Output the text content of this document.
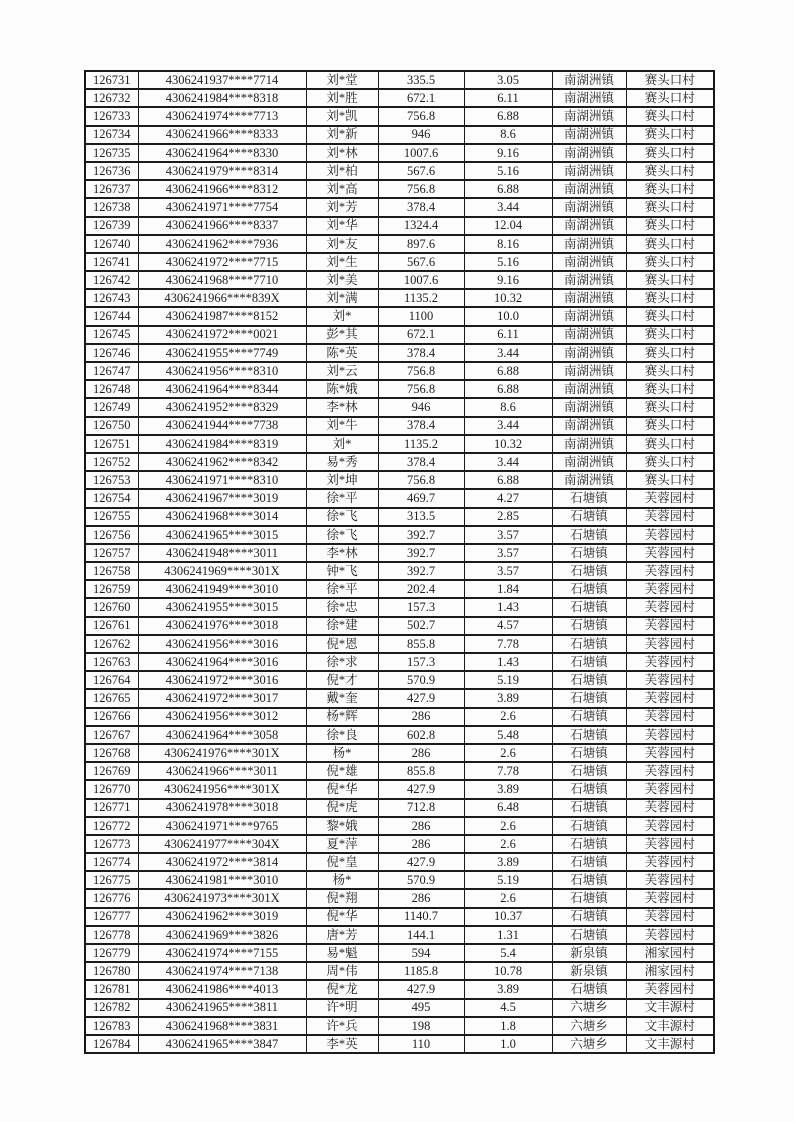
126731	4306241937****7714	刘*堂	335.5	3.05	南湖洲镇	赛头口村
126732	4306241984****8318	刘*胜	672.1	6.11	南湖洲镇	赛头口村
126733	4306241974****7713	刘*凯	756.8	6.88	南湖洲镇	赛头口村
126734	4306241966****8333	刘*新	946	8.6	南湖洲镇	赛头口村
126735	4306241964****8330	刘*林	1007.6	9.16	南湖洲镇	赛头口村
126736	4306241979****8314	刘*柏	567.6	5.16	南湖洲镇	赛头口村
126737	4306241966****8312	刘*高	756.8	6.88	南湖洲镇	赛头口村
126738	4306241971****7754	刘*芳	378.4	3.44	南湖洲镇	赛头口村
126739	4306241966****8337	刘*华	1324.4	12.04	南湖洲镇	赛头口村
126740	4306241962****7936	刘*友	897.6	8.16	南湖洲镇	赛头口村
126741	4306241972****7715	刘*生	567.6	5.16	南湖洲镇	赛头口村
126742	4306241968****7710	刘*美	1007.6	9.16	南湖洲镇	赛头口村
126743	4306241966****839X	刘*满	1135.2	10.32	南湖洲镇	赛头口村
126744	4306241987****8152	刘*	1100	10.0	南湖洲镇	赛头口村
126745	4306241972****0021	彭*其	672.1	6.11	南湖洲镇	赛头口村
126746	4306241955****7749	陈*英	378.4	3.44	南湖洲镇	赛头口村
126747	4306241956****8310	刘*云	756.8	6.88	南湖洲镇	赛头口村
126748	4306241964****8344	陈*娥	756.8	6.88	南湖洲镇	赛头口村
126749	4306241952****8329	李*林	946	8.6	南湖洲镇	赛头口村
126750	4306241944****7738	刘*牛	378.4	3.44	南湖洲镇	赛头口村
126751	4306241984****8319	刘*	1135.2	10.32	南湖洲镇	赛头口村
126752	4306241962****8342	易*秀	378.4	3.44	南湖洲镇	赛头口村
126753	4306241971****8310	刘*坤	756.8	6.88	南湖洲镇	赛头口村
126754	4306241967****3019	徐*平	469.7	4.27	石塘镇	芙蓉园村
126755	4306241968****3014	徐*飞	313.5	2.85	石塘镇	芙蓉园村
126756	4306241965****3015	徐*飞	392.7	3.57	石塘镇	芙蓉园村
126757	4306241948****3011	李*林	392.7	3.57	石塘镇	芙蓉园村
126758	4306241969****301X	钟*飞	392.7	3.57	石塘镇	芙蓉园村
126759	4306241949****3010	徐*平	202.4	1.84	石塘镇	芙蓉园村
126760	4306241955****3015	徐*忠	157.3	1.43	石塘镇	芙蓉园村
126761	4306241976****3018	徐*建	502.7	4.57	石塘镇	芙蓉园村
126762	4306241956****3016	倪*恩	855.8	7.78	石塘镇	芙蓉园村
126763	4306241964****3016	徐*求	157.3	1.43	石塘镇	芙蓉园村
126764	4306241972****3016	倪*才	570.9	5.19	石塘镇	芙蓉园村
126765	4306241972****3017	戴*奎	427.9	3.89	石塘镇	芙蓉园村
126766	4306241956****3012	杨*辉	286	2.6	石塘镇	芙蓉园村
126767	4306241964****3058	徐*良	602.8	5.48	石塘镇	芙蓉园村
126768	4306241976****301X	杨*	286	2.6	石塘镇	芙蓉园村
126769	4306241966****3011	倪*雄	855.8	7.78	石塘镇	芙蓉园村
126770	4306241956****301X	倪*华	427.9	3.89	石塘镇	芙蓉园村
126771	4306241978****3018	倪*虎	712.8	6.48	石塘镇	芙蓉园村
126772	4306241971****9765	黎*娥	286	2.6	石塘镇	芙蓉园村
126773	4306241977****304X	夏*萍	286	2.6	石塘镇	芙蓉园村
126774	4306241972****3814	倪*皇	427.9	3.89	石塘镇	芙蓉园村
126775	4306241981****3010	杨*	570.9	5.19	石塘镇	芙蓉园村
126776	4306241973****301X	倪*翔	286	2.6	石塘镇	芙蓉园村
126777	4306241962****3019	倪*华	1140.7	10.37	石塘镇	芙蓉园村
126778	4306241969****3826	唐*芳	144.1	1.31	石塘镇	芙蓉园村
126779	4306241974****7155	易*魁	594	5.4	新泉镇	湘家园村
126780	4306241974****7138	周*伟	1185.8	10.78	新泉镇	湘家园村
126781	4306241986****4013	倪*龙	427.9	3.89	石塘镇	芙蓉园村
126782	4306241965****3811	许*明	495	4.5	六塘乡	文丰源村
126783	4306241968****3831	许*兵	198	1.8	六塘乡	文丰源村
126784	4306241965****3847	李*英	110	1.0	六塘乡	文丰源村
